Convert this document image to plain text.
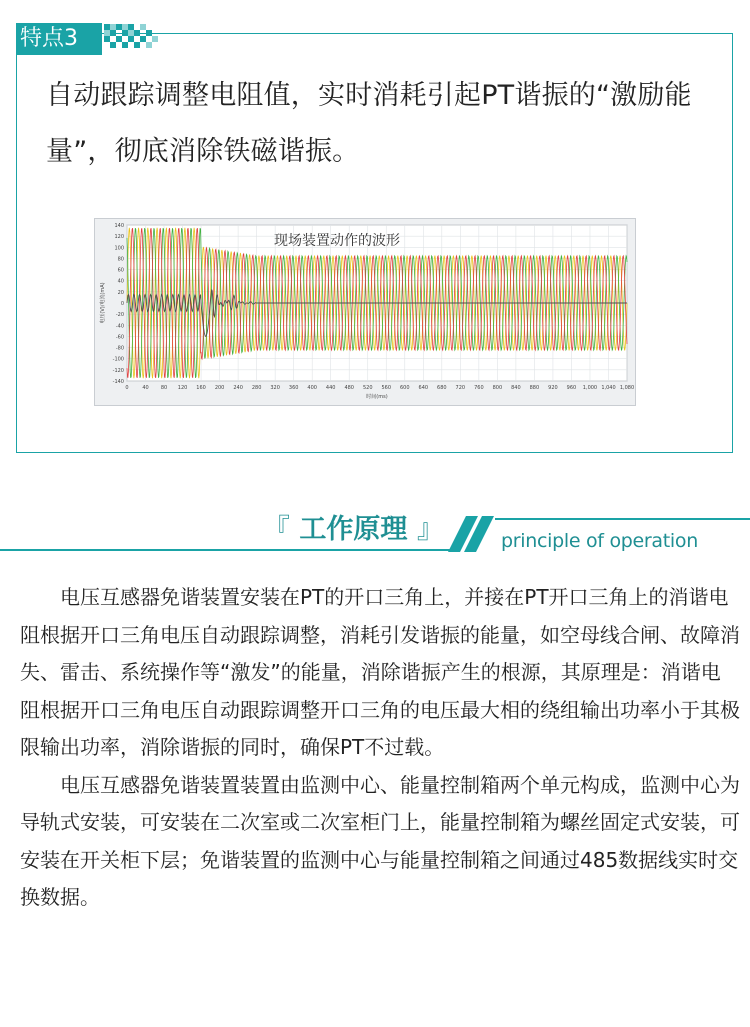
特点3
自动跟踪调整电阻值，实时消耗引起PT谐振的“激励能量”，彻底消除铁磁谐振。
140
120
100
80
60
40
20
0
-20
-40
-60
-80
-100
-120
-140
0	40 80 120 160 200 240 280 320 360 400 440 480 520 560 600 640 680 720 760 800 840 880 920 960 1,000 1,040 1,080
现场装置动作的波形
时间(ms)
电压(V)/电流(mA)
『 工作原理 』	principle of operation

电压互感器免谐装置安装在PT的开口三角上，并接在PT开口三角上的消谐电阻根据开口三角电压自动跟踪调整，消耗引发谐振的能量，如空母线合闸、故障消失、雷击、系统操作等“激发”的能量，消除谐振产生的根源，其原理是：消谐电阻根据开口三角电压自动跟踪调整开口三角的电压最大相的绕组输出功率小于其极限输出功率，消除谐振的同时，确保PT不过载。

电压互感器免谐装置装置由监测中心、能量控制箱两个单元构成，监测中心为导轨式安装，可安装在二次室或二次室柜门上，能量控制箱为螺丝固定式安装，可安装在开关柜下层；免谐装置的监测中心与能量控制箱之间通过485数据线实时交换数据。
